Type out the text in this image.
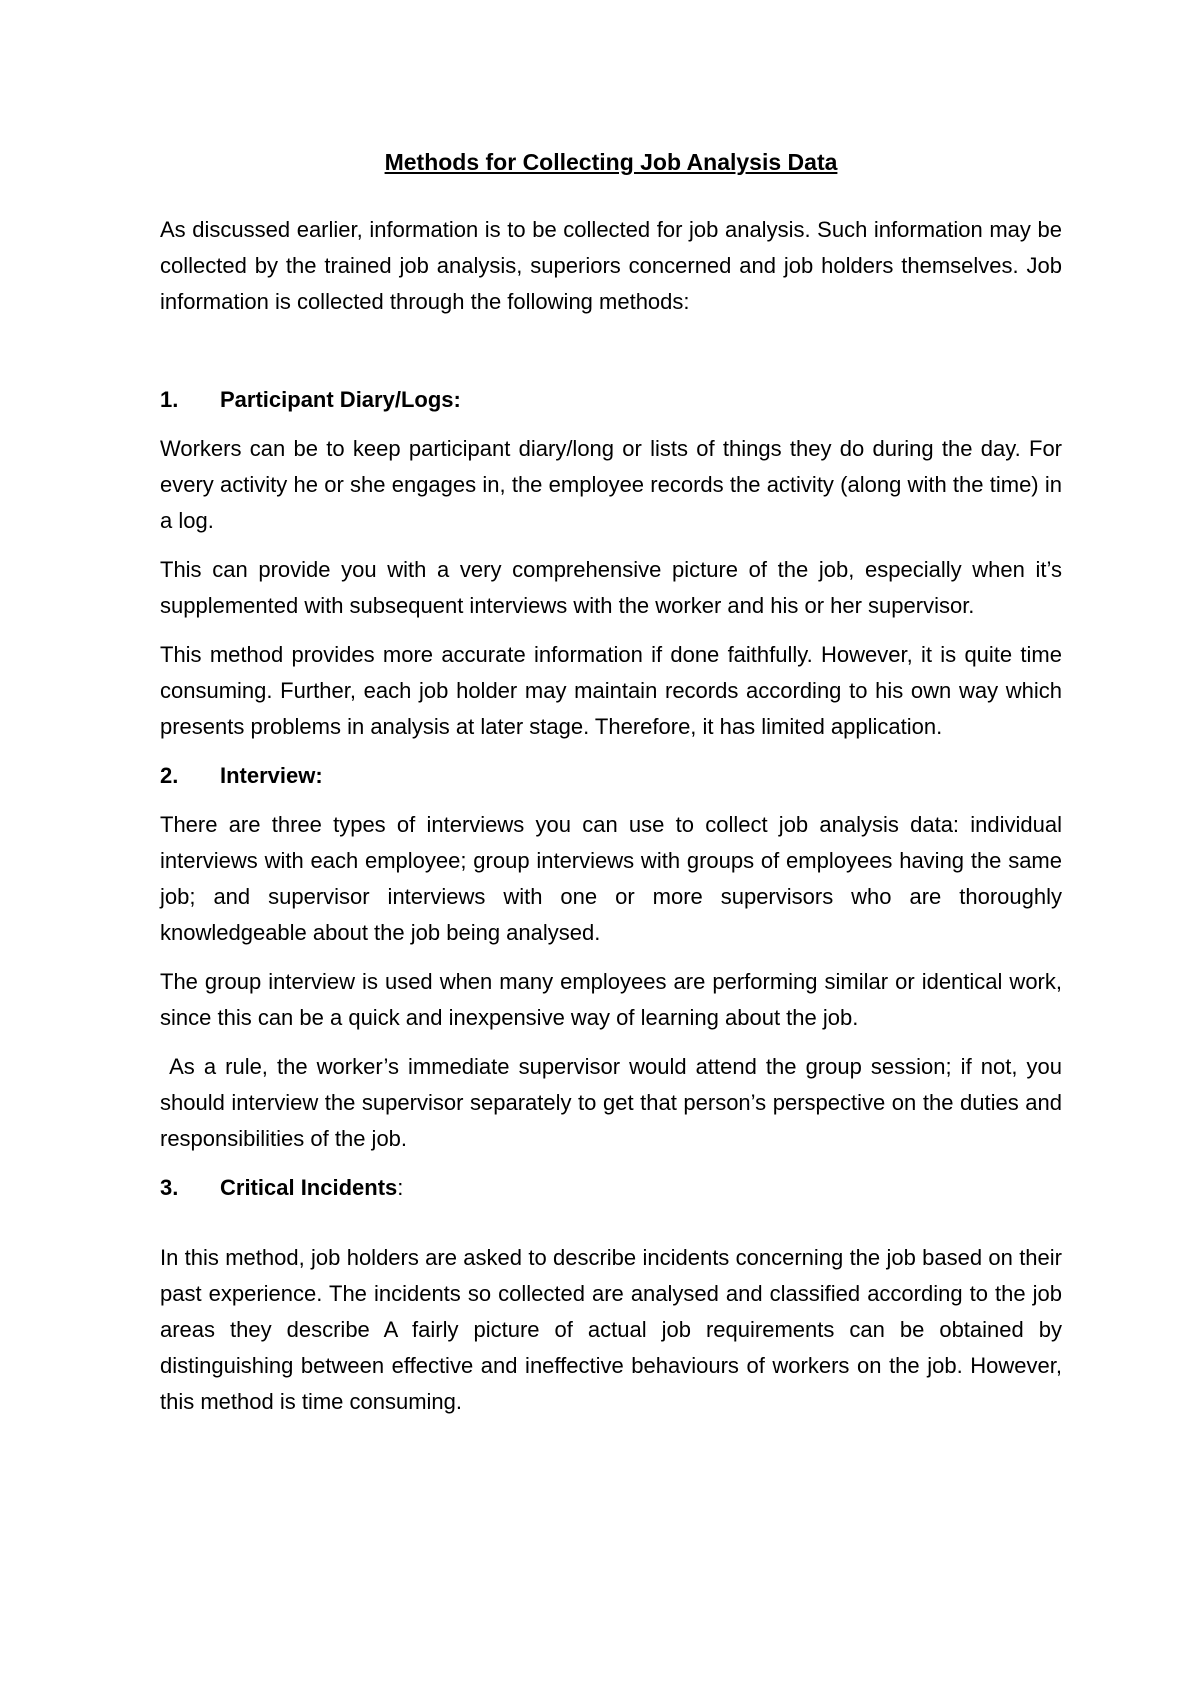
Methods for Collecting Job Analysis Data

As discussed earlier, information is to be collected for job analysis. Such information may be collected by the trained job analysis, superiors concerned and job holders themselves. Job information is collected through the following methods:

1.	Participant Diary/Logs:

Workers can be to keep participant diary/long or lists of things they do during the day. For every activity he or she engages in, the employee records the activity (along with the time) in a log.

This can provide you with a very comprehensive picture of the job, especially when it’s supplemented with subsequent interviews with the worker and his or her supervisor.

This method provides more accurate information if done faithfully. However, it is quite time consuming. Further, each job holder may maintain records according to his own way which presents problems in analysis at later stage. Therefore, it has limited application.

2.	Interview:

There are three types of interviews you can use to collect job analysis data: individual interviews with each employee; group interviews with groups of employees having the same job; and supervisor interviews with one or more supervisors who are thoroughly knowledgeable about the job being analysed.

The group interview is used when many employees are performing similar or identical work, since this can be a quick and inexpensive way of learning about the job.

As a rule, the worker’s immediate supervisor would attend the group session; if not, you should interview the supervisor separately to get that person’s perspective on the duties and responsibilities of the job.

3.	Critical Incidents:

In this method, job holders are asked to describe incidents concerning the job based on their past experience. The incidents so collected are analysed and classified according to the job areas they describe A fairly picture of actual job requirements can be obtained by distinguishing between effective and ineffective behaviours of workers on the job. However, this method is time consuming.
